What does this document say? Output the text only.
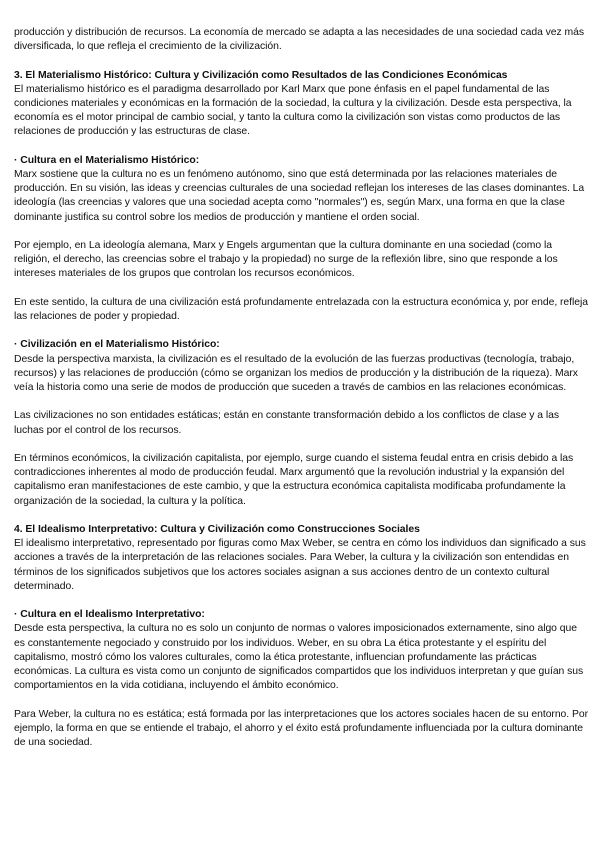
producción y distribución de recursos. La economía de mercado se adapta a las necesidades de una sociedad cada vez más diversificada, lo que refleja el crecimiento de la civilización.

3. El Materialismo Histórico: Cultura y Civilización como Resultados de las Condiciones Económicas

El materialismo histórico es el paradigma desarrollado por Karl Marx que pone énfasis en el papel fundamental de las condiciones materiales y económicas en la formación de la sociedad, la cultura y la civilización. Desde esta perspectiva, la economía es el motor principal de cambio social, y tanto la cultura como la civilización son vistas como productos de las relaciones de producción y las estructuras de clase.

· Cultura en el Materialismo Histórico:

Marx sostiene que la cultura no es un fenómeno autónomo, sino que está determinada por las relaciones materiales de producción. En su visión, las ideas y creencias culturales de una sociedad reflejan los intereses de las clases dominantes. La ideología (las creencias y valores que una sociedad acepta como "normales") es, según Marx, una forma en que la clase dominante justifica su control sobre los medios de producción y mantiene el orden social.

Por ejemplo, en La ideología alemana, Marx y Engels argumentan que la cultura dominante en una sociedad (como la religión, el derecho, las creencias sobre el trabajo y la propiedad) no surge de la reflexión libre, sino que responde a los intereses materiales de los grupos que controlan los recursos económicos.

En este sentido, la cultura de una civilización está profundamente entrelazada con la estructura económica y, por ende, refleja las relaciones de poder y propiedad.

· Civilización en el Materialismo Histórico:

Desde la perspectiva marxista, la civilización es el resultado de la evolución de las fuerzas productivas (tecnología, trabajo, recursos) y las relaciones de producción (cómo se organizan los medios de producción y la distribución de la riqueza). Marx veía la historia como una serie de modos de producción que suceden a través de cambios en las relaciones económicas.

Las civilizaciones no son entidades estáticas; están en constante transformación debido a los conflictos de clase y a las luchas por el control de los recursos.

En términos económicos, la civilización capitalista, por ejemplo, surge cuando el sistema feudal entra en crisis debido a las contradicciones inherentes al modo de producción feudal. Marx argumentó que la revolución industrial y la expansión del capitalismo eran manifestaciones de este cambio, y que la estructura económica capitalista modificaba profundamente la organización de la sociedad, la cultura y la política.

4. El Idealismo Interpretativo: Cultura y Civilización como Construcciones Sociales

El idealismo interpretativo, representado por figuras como Max Weber, se centra en cómo los individuos dan significado a sus acciones a través de la interpretación de las relaciones sociales. Para Weber, la cultura y la civilización son entendidas en términos de los significados subjetivos que los actores sociales asignan a sus acciones dentro de un contexto cultural determinado.

· Cultura en el Idealismo Interpretativo:

Desde esta perspectiva, la cultura no es solo un conjunto de normas o valores imposicionados externamente, sino algo que es constantemente negociado y construido por los individuos. Weber, en su obra La ética protestante y el espíritu del capitalismo, mostró cómo los valores culturales, como la ética protestante, influencian profundamente las prácticas económicas. La cultura es vista como un conjunto de significados compartidos que los individuos interpretan y que guían sus comportamientos en la vida cotidiana, incluyendo el ámbito económico.

Para Weber, la cultura no es estática; está formada por las interpretaciones que los actores sociales hacen de su entorno. Por ejemplo, la forma en que se entiende el trabajo, el ahorro y el éxito está profundamente influenciada por la cultura dominante de una sociedad.
